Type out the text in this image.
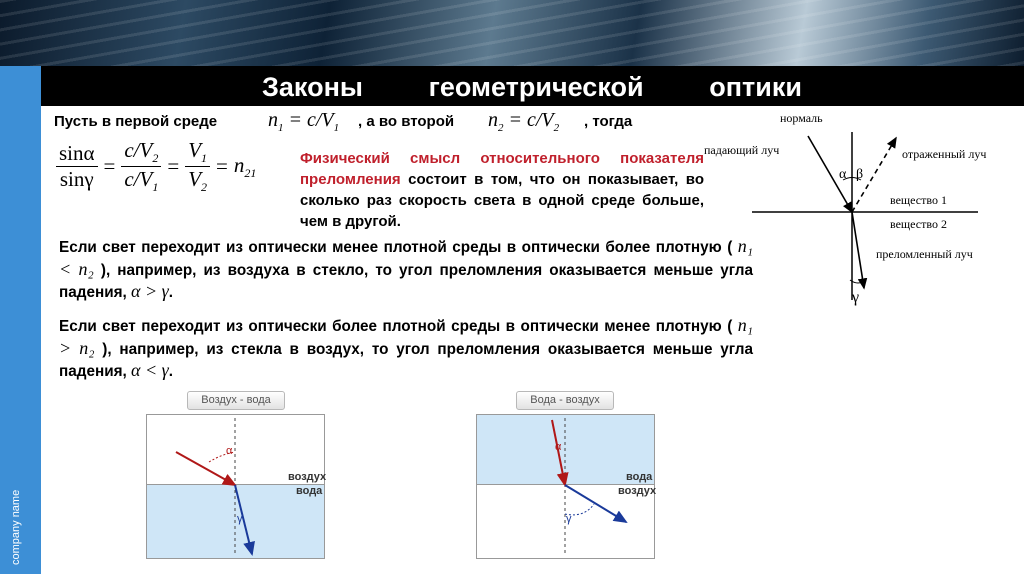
Законы геометрической оптики
company name
Пусть в первой среде	$n_1 = c/V_1$ , а во второй $n_2 = c/V_2$ , тогда
$\frac{\sin\alpha}{\sin\gamma} = \frac{c/V_2}{c/V_1} = \frac{V_1}{V_2} = n_{21}$
Физический смысл относительного показателя преломления состоит в том, что он показывает, во сколько раз скорость света в одной среде больше, чем в другой.
Если свет переходит из оптически менее плотной среды в оптически более плотную ( n₁ < n₂ ), например, из воздуха в стекло, то угол преломления оказывается меньше угла падения, α > γ.
Если свет переходит из оптически более плотной среды в оптически менее плотную ( n₁ > n₂ ), например, из стекла в воздух, то угол преломления оказывается меньше угла падения, α < γ.
нормаль
падающий луч	отраженный луч
вещество 1
вещество 2
преломленный луч
α β
γ
Воздух - вода
α
γ
воздух
вода
Вода - воздух
α
γ
вода
воздух
